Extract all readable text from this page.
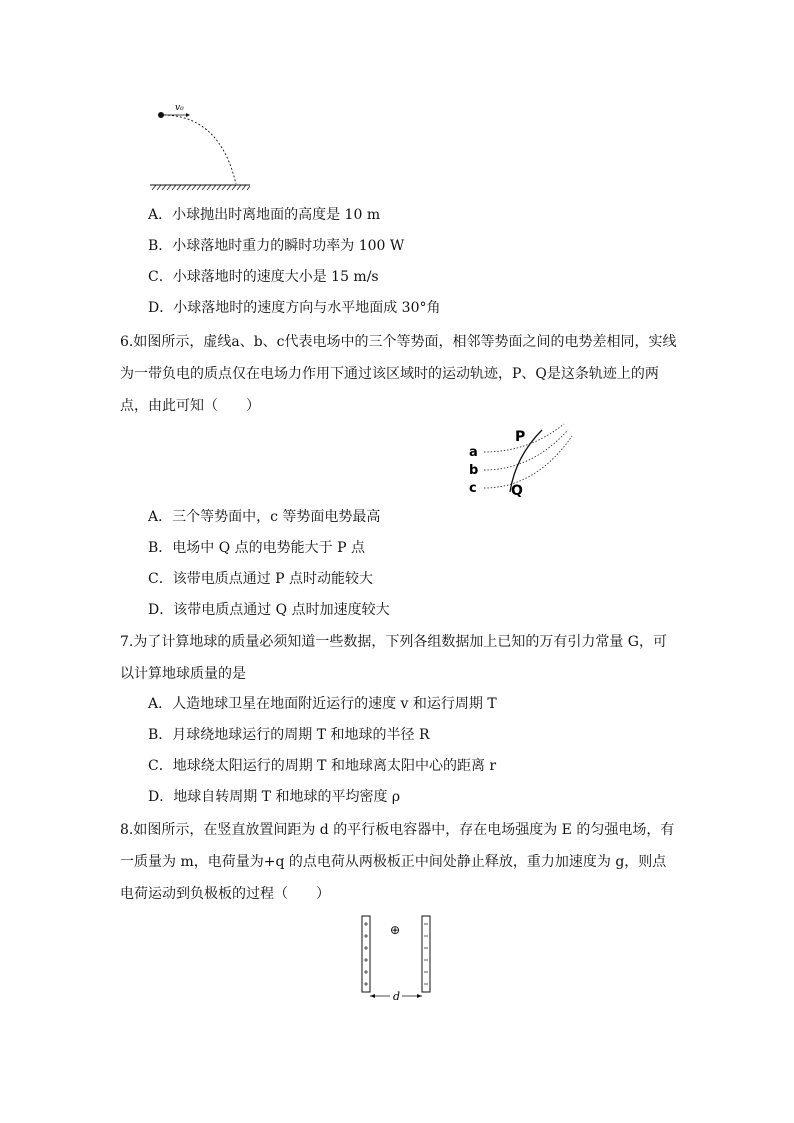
v₀
A．小球抛出时离地面的高度是 10 m
B．小球落地时重力的瞬时功率为 100 W
C．小球落地时的速度大小是 15 m/s
D．小球落地时的速度方向与水平地面成 30°角
6.如图所示，虚线a、b、c代表电场中的三个等势面，相邻等势面之间的电势差相同，实线为一带负电的质点仅在电场力作用下通过该区域时的运动轨迹，P、Q是这条轨迹上的两点，由此可知（　　）
a
b
c
P
Q
A．三个等势面中，c 等势面电势最高
B．电场中 Q 点的电势能大于 P 点
C．该带电质点通过 P 点时动能较大
D．该带电质点通过 Q 点时加速度较大
7.为了计算地球的质量必须知道一些数据，下列各组数据加上已知的万有引力常量 G，可以计算地球质量的是
A．人造地球卫星在地面附近运行的速度 v 和运行周期 T
B．月球绕地球运行的周期 T 和地球的半径 R
C．地球绕太阳运行的周期 T 和地球离太阳中心的距离 r
D．地球自转周期 T 和地球的平均密度 ρ
8.如图所示，在竖直放置间距为 d 的平行板电容器中，存在电场强度为 E 的匀强电场，有一质量为 m，电荷量为+q 的点电荷从两极板正中间处静止释放，重力加速度为 g，则点电荷运动到负极板的过程（　　）
⊕
d
